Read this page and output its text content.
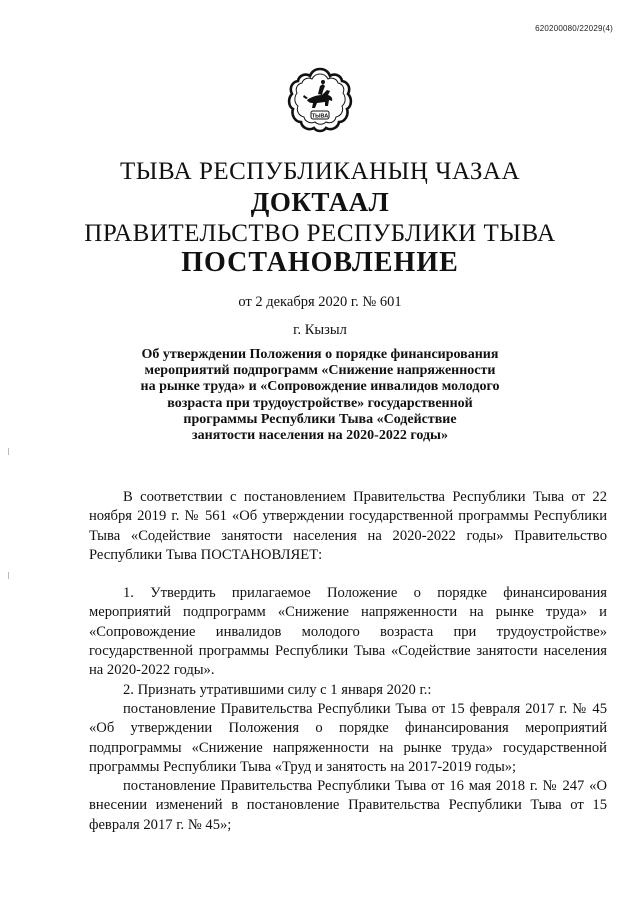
620200080/22029(4)
ТЫВА
ТЫВА РЕСПУБЛИКАНЫҢ ЧАЗАА
ДОКТААЛ
ПРАВИТЕЛЬСТВО РЕСПУБЛИКИ ТЫВА
ПОСТАНОВЛЕНИЕ
от 2 декабря 2020 г. № 601
г. Кызыл
Об утверждении Положения о порядке финансирования
мероприятий подпрограмм «Снижение напряженности
на рынке труда» и «Сопровождение инвалидов молодого
возраста при трудоустройстве» государственной
программы Республики Тыва «Содействие
занятости населения на 2020-2022 годы»

В соответствии с постановлением Правительства Республики Тыва от 22 ноября 2019 г. № 561 «Об утверждении государственной программы Республики Тыва «Содействие занятости населения на 2020-2022 годы» Правительство Республики Тыва ПОСТАНОВЛЯЕТ:

1. Утвердить прилагаемое Положение о порядке финансирования мероприятий подпрограмм «Снижение напряженности на рынке труда» и «Сопровождение инвалидов молодого возраста при трудоустройстве» государственной программы Республики Тыва «Содействие занятости населения на 2020-2022 годы».

2. Признать утратившими силу с 1 января 2020 г.:

постановление Правительства Республики Тыва от 15 февраля 2017 г. № 45 «Об утверждении Положения о порядке финансирования мероприятий подпрограммы «Снижение напряженности на рынке труда» государственной программы Республики Тыва «Труд и занятость на 2017-2019 годы»;

постановление Правительства Республики Тыва от 16 мая 2018 г. № 247 «О внесении изменений в постановление Правительства Республики Тыва от 15 февраля 2017 г. № 45»;
